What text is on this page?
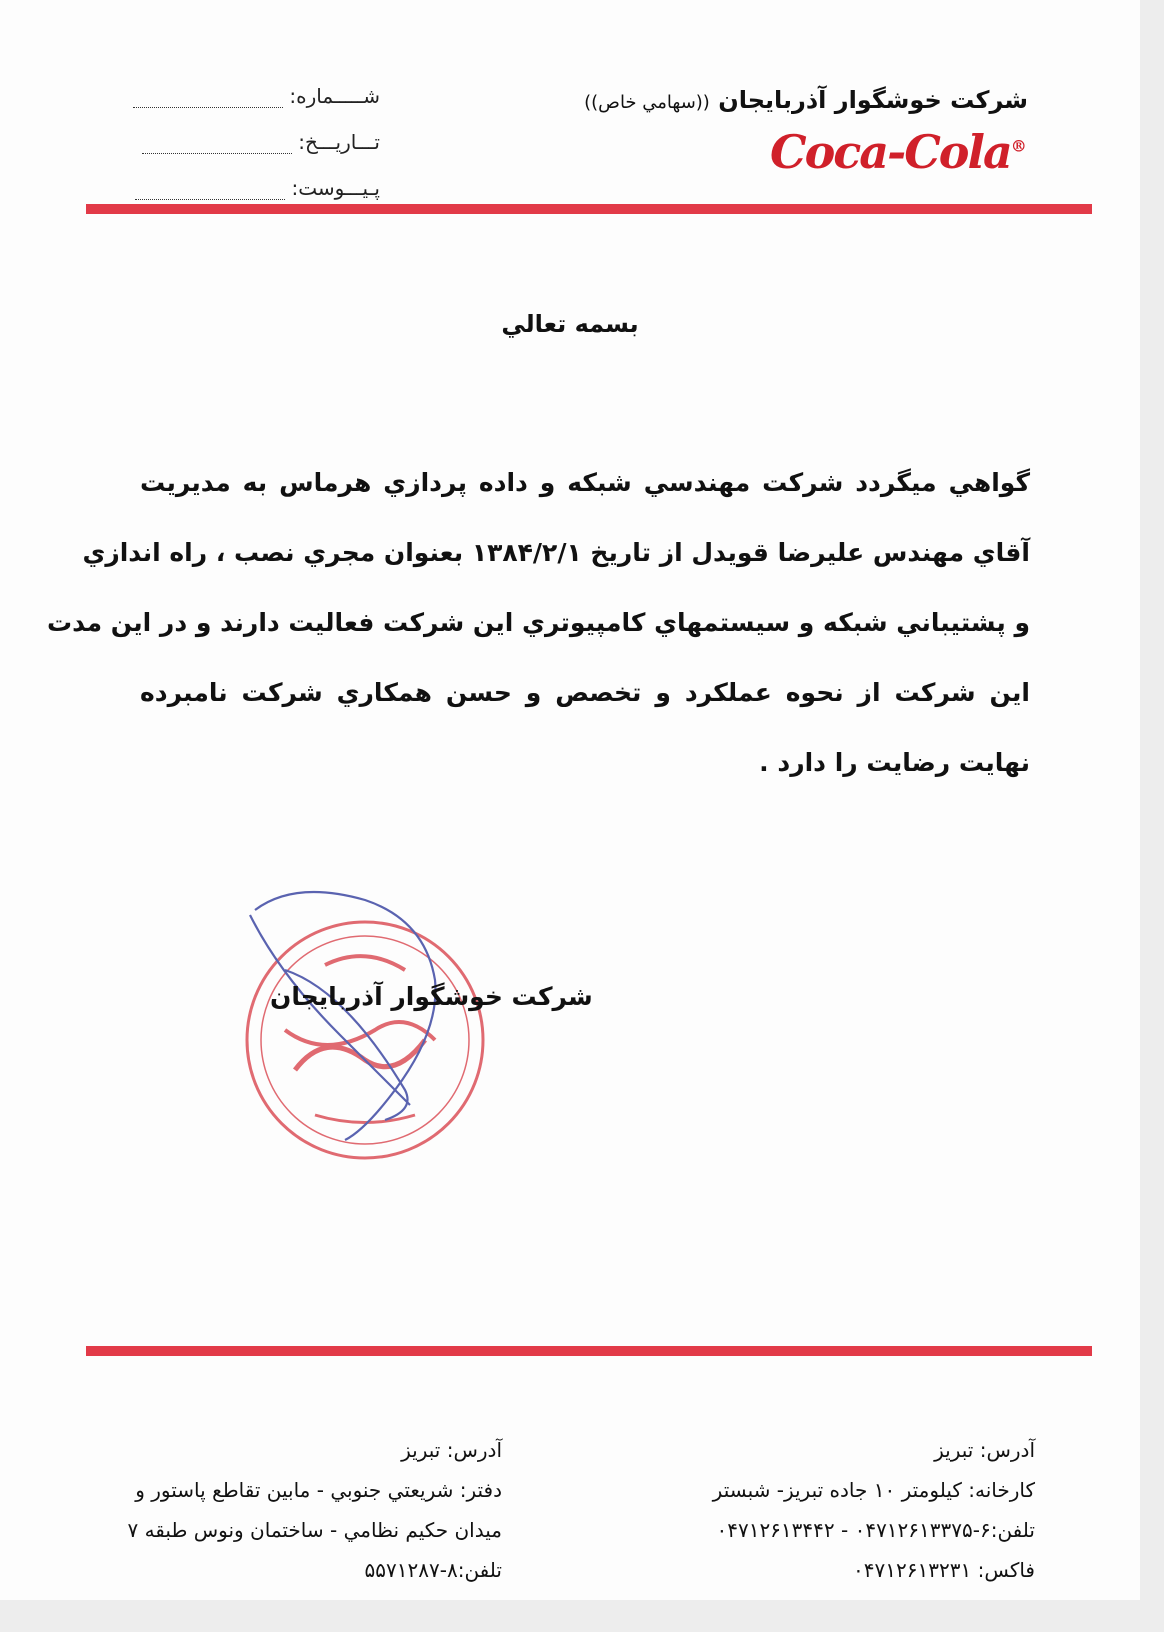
شـــــماره:
تـــاريـــخ:
پـيـــوست:
شركت خوشگوار آذربايجان ((سهامي خاص))
Coca-Cola®
بسمه تعالي
گواهي ميگردد شركت مهندسي شبكه و داده پردازي هرماس به مديريت
آقاي مهندس عليرضا قويدل از تاريخ ١٣٨۴/٢/١ بعنوان مجري نصب ، راه اندازي
و پشتيباني شبكه و سيستمهاي كامپيوتري اين شركت فعاليت دارند و در اين مدت
اين شركت از نحوه عملكرد و تخصص و حسن همكاري شركت نامبرده
نهايت رضايت را دارد .
شركت خوشگوار آذربايجان
آدرس: تبريز
كارخانه: كيلومتر ١٠ جاده تبريز- شبستر
تلفن:۶-٠۴٧١٢۶١٣٣٧۵ - ٠۴٧١٢۶١٣۴۴٢
فاكس: ٠۴٧١٢۶١٣٢٣١
آدرس: تبريز
دفتر: شريعتي جنوبي - مابين تقاطع پاستور و
ميدان حكيم نظامي - ساختمان ونوس طبقه ٧
تلفن:٨-۵۵٧١٢٨٧
